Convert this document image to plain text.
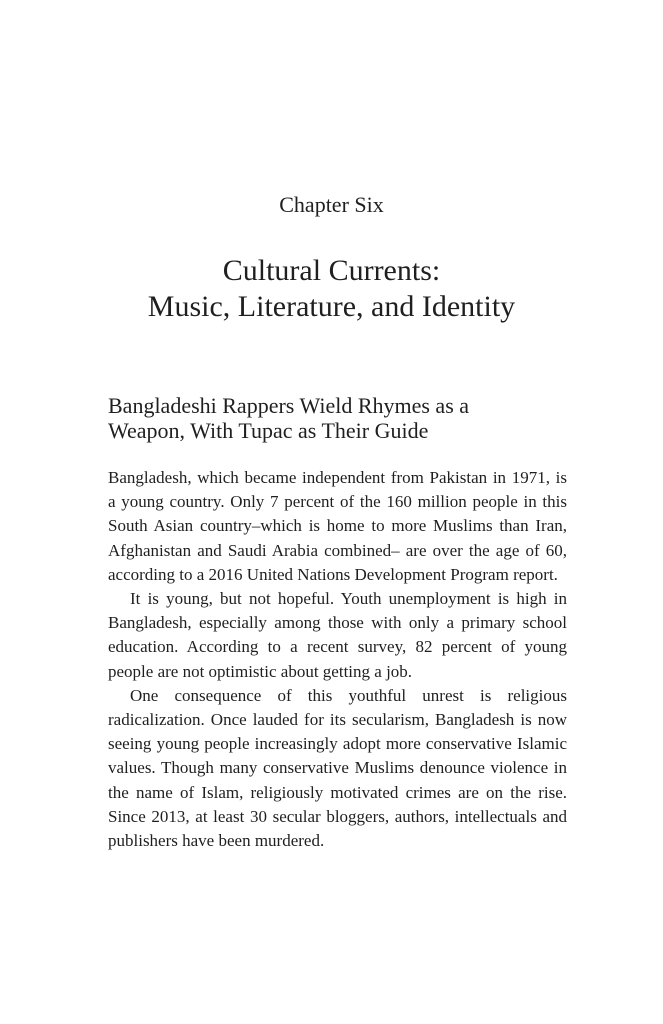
Chapter Six
Cultural Currents:
Music, Literature, and Identity
Bangladeshi Rappers Wield Rhymes as a
Weapon, With Tupac as Their Guide

Bangladesh, which became independent from Pakistan in 1971, is a young country. Only 7 percent of the 160 million people in this South Asian country–which is home to more Muslims than Iran, Afghanistan and Saudi Arabia combined– are over the age of 60, according to a 2016 United Nations Development Program report.

It is young, but not hopeful. Youth unemployment is high in Bangladesh, especially among those with only a primary school education. According to a recent survey, 82 percent of young people are not optimistic about getting a job.

One consequence of this youthful unrest is religious radicalization. Once lauded for its secularism, Bangladesh is now seeing young people increasingly adopt more conservative Islamic values. Though many conservative Muslims denounce violence in the name of Islam, religiously motivated crimes are on the rise. Since 2013, at least 30 secular bloggers, authors, intellectuals and publishers have been murdered.
